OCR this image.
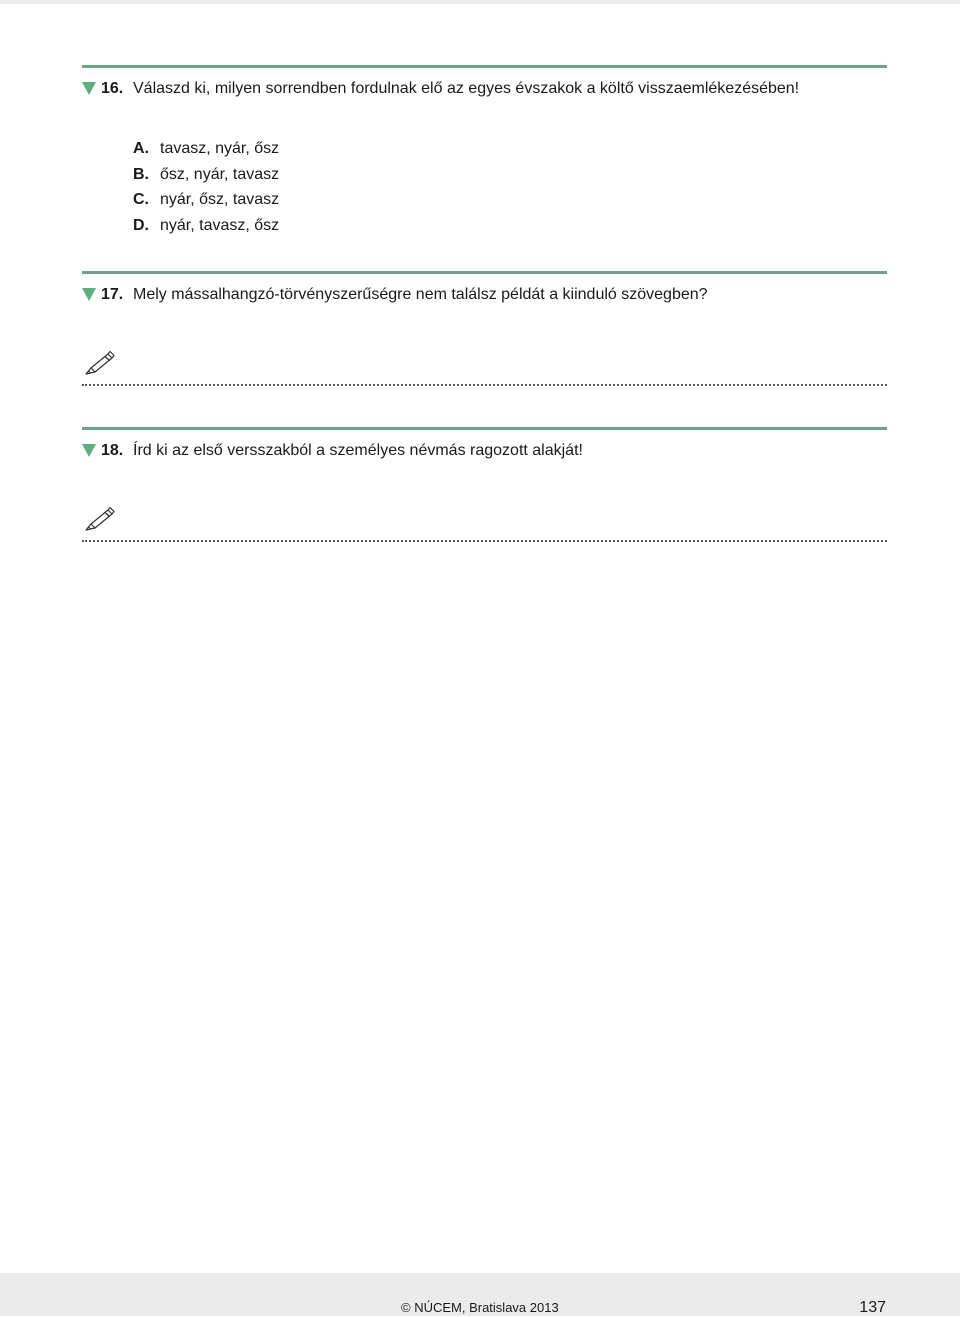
16. Válaszd ki, milyen sorrendben fordulnak elő az egyes évszakok a költő visszaemlékezésében!
A. tavasz, nyár, ősz
B. ősz, nyár, tavasz
C. nyár, ősz, tavasz
D. nyár, tavasz, ősz
17. Mely mássalhangzó-törvényszerűségre nem találsz példát a kiinduló szövegben?
18. Írd ki az első versszakból a személyes névmás ragozott alakját!
© NÚCEM, Bratislava 2013	137
